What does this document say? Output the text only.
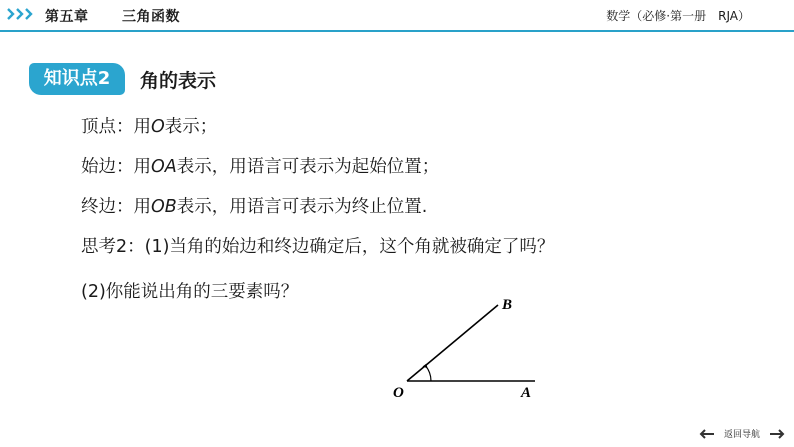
第五章 三角函数	数学（必修·第一册　RJA）
知识点2	角的表示
顶点：用O表示；
始边：用OA表示，用语言可表示为起始位置；
终边：用OB表示，用语言可表示为终止位置.
思考2：(1)当角的始边和终边确定后，这个角就被确定了吗？
(2)你能说出角的三要素吗？
O	A
B
返回导航
